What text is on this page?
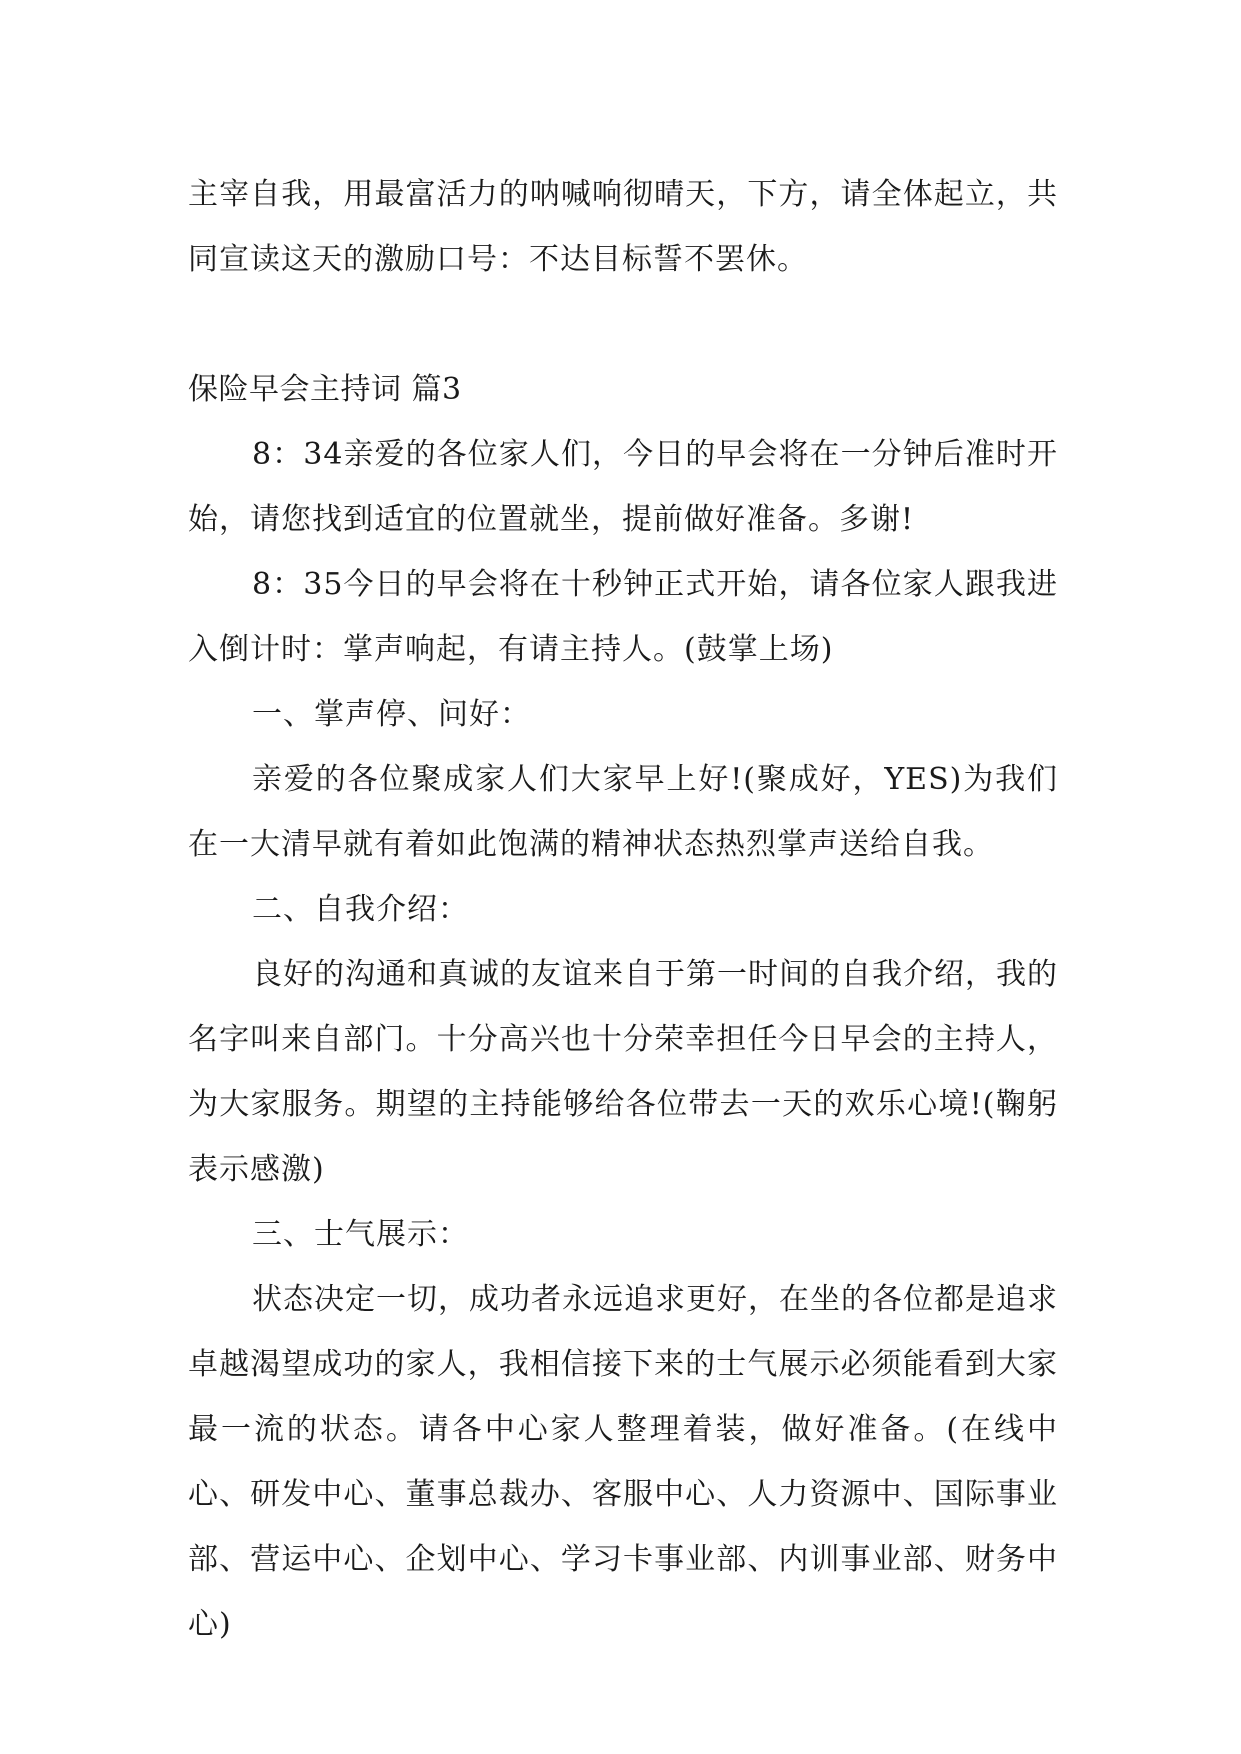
主宰自我，用最富活力的呐喊响彻晴天，下方，请全体起立，共同宣读这天的激励口号：不达目标誓不罢休。

保险早会主持词 篇3

8：34亲爱的各位家人们，今日的早会将在一分钟后准时开始，请您找到适宜的位置就坐，提前做好准备。多谢!

8：35今日的早会将在十秒钟正式开始，请各位家人跟我进入倒计时：掌声响起，有请主持人。(鼓掌上场)

一、掌声停、问好：

亲爱的各位聚成家人们大家早上好!(聚成好，YES)为我们在一大清早就有着如此饱满的精神状态热烈掌声送给自我。

二、自我介绍：

良好的沟通和真诚的友谊来自于第一时间的自我介绍，我的名字叫来自部门。十分高兴也十分荣幸担任今日早会的主持人，为大家服务。期望的主持能够给各位带去一天的欢乐心境!(鞠躬表示感激)

三、士气展示：

状态决定一切，成功者永远追求更好，在坐的各位都是追求卓越渴望成功的家人，我相信接下来的士气展示必须能看到大家最一流的状态。请各中心家人整理着装，做好准备。(在线中心、研发中心、董事总裁办、客服中心、人力资源中、国际事业部、营运中心、企划中心、学习卡事业部、内训事业部、财务中心)
